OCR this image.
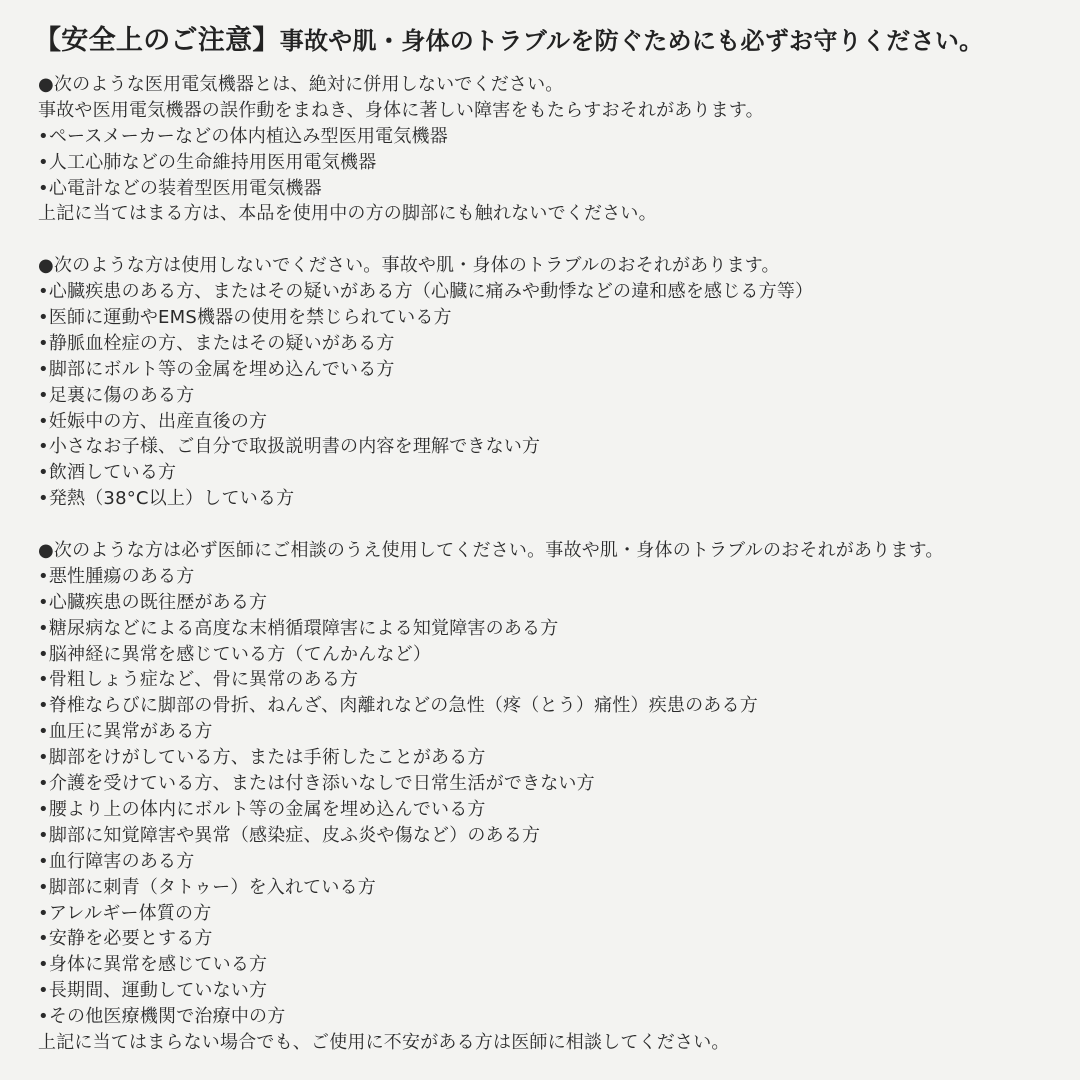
【安全上のご注意】事故や肌・身体のトラブルを防ぐためにも必ずお守りください。
●次のような医用電気機器とは、絶対に併用しないでください。
事故や医用電気機器の誤作動をまねき、身体に著しい障害をもたらすおそれがあります。
•ペースメーカーなどの体内植込み型医用電気機器
•人工心肺などの生命維持用医用電気機器
•心電計などの装着型医用電気機器
上記に当てはまる方は、本品を使用中の方の脚部にも触れないでください。
●次のような方は使用しないでください。事故や肌・身体のトラブルのおそれがあります。
•心臓疾患のある方、またはその疑いがある方（心臓に痛みや動悸などの違和感を感じる方等）
•医師に運動やEMS機器の使用を禁じられている方
•静脈血栓症の方、またはその疑いがある方
•脚部にボルト等の金属を埋め込んでいる方
•足裏に傷のある方
•妊娠中の方、出産直後の方
•小さなお子様、ご自分で取扱説明書の内容を理解できない方
•飲酒している方
•発熱（38°C以上）している方
●次のような方は必ず医師にご相談のうえ使用してください。事故や肌・身体のトラブルのおそれがあります。
•悪性腫瘍のある方
•心臓疾患の既往歴がある方
•糖尿病などによる高度な末梢循環障害による知覚障害のある方
•脳神経に異常を感じている方（てんかんなど）
•骨粗しょう症など、骨に異常のある方
•脊椎ならびに脚部の骨折、ねんざ、肉離れなどの急性（疼（とう）痛性）疾患のある方
•血圧に異常がある方
•脚部をけがしている方、または手術したことがある方
•介護を受けている方、または付き添いなしで日常生活ができない方
•腰より上の体内にボルト等の金属を埋め込んでいる方
•脚部に知覚障害や異常（感染症、皮ふ炎や傷など）のある方
•血行障害のある方
•脚部に刺青（タトゥー）を入れている方
•アレルギー体質の方
•安静を必要とする方
•身体に異常を感じている方
•長期間、運動していない方
•その他医療機関で治療中の方
上記に当てはまらない場合でも、ご使用に不安がある方は医師に相談してください。
